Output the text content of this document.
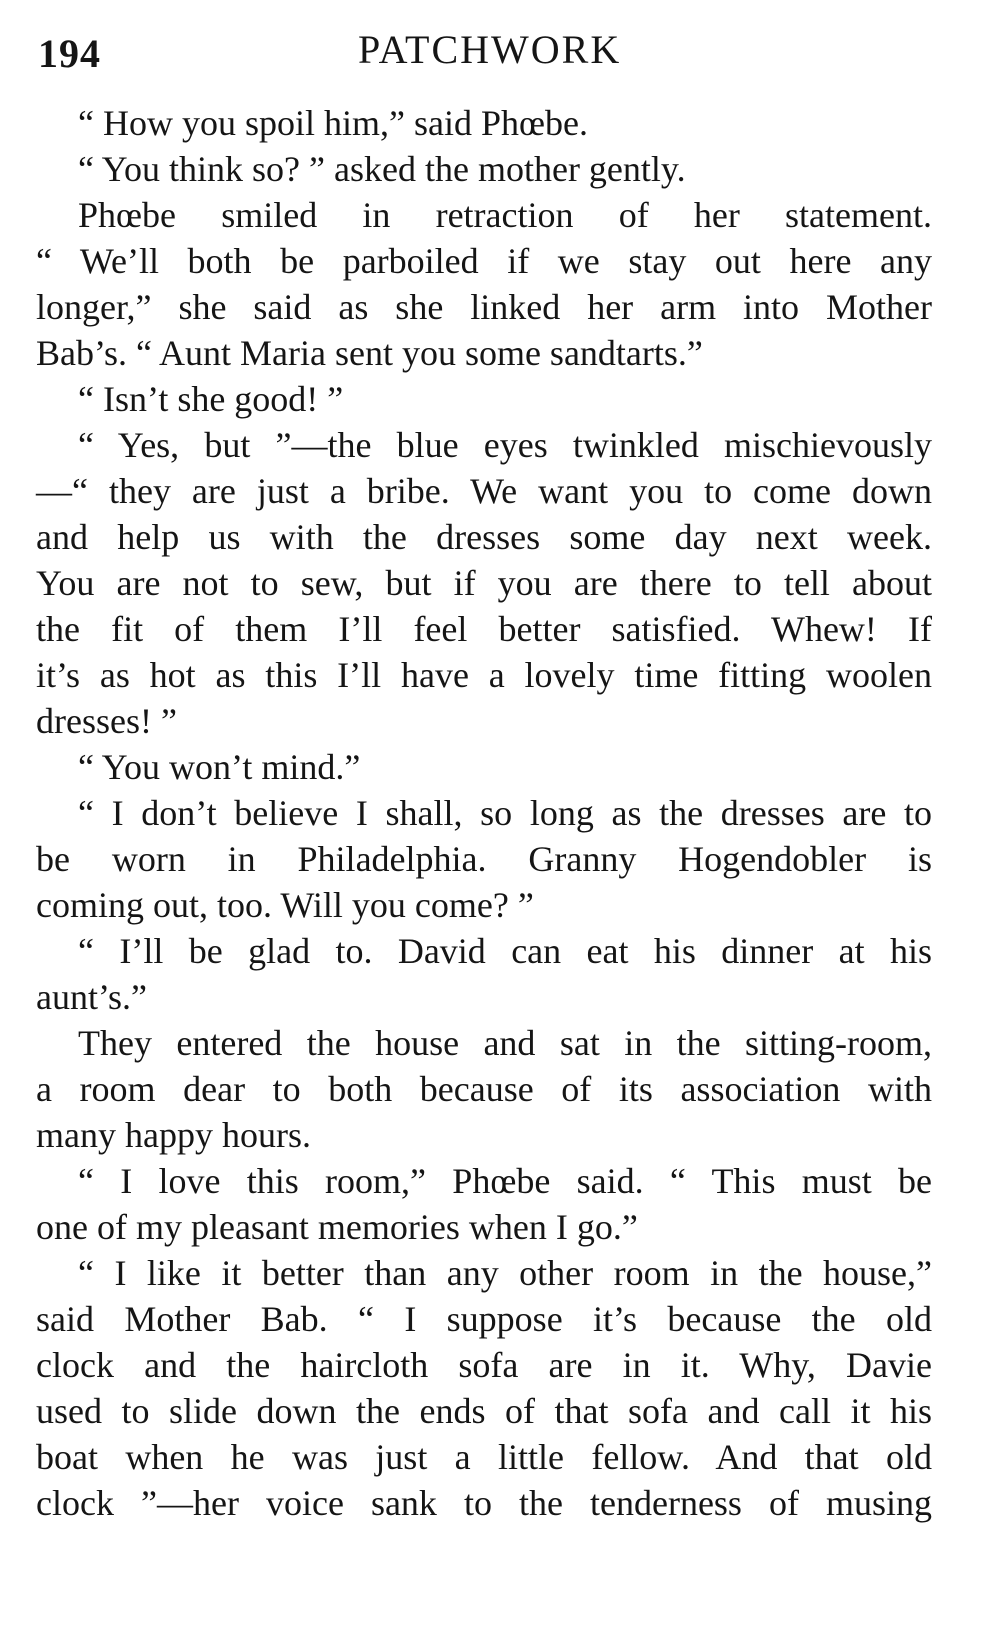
194	PATCHWORK
“ How you spoil him,” said Phœbe.
“ You think so? ” asked the mother gently.
Phœbe smiled in retraction of her statement.
“ We’ll both be parboiled if we stay out here any
longer,” she said as she linked her arm into Mother
Bab’s. “ Aunt Maria sent you some sandtarts.”
“ Isn’t she good! ”
“ Yes, but ”—the blue eyes twinkled mischievously
—“ they are just a bribe. We want you to come down
and help us with the dresses some day next week.
You are not to sew, but if you are there to tell about
the fit of them I’ll feel better satisfied. Whew! If
it’s as hot as this I’ll have a lovely time fitting woolen
dresses! ”
“ You won’t mind.”
“ I don’t believe I shall, so long as the dresses are to
be worn in Philadelphia. Granny Hogendobler is
coming out, too. Will you come? ”
“ I’ll be glad to. David can eat his dinner at his
aunt’s.”
They entered the house and sat in the sitting-room,
a room dear to both because of its association with
many happy hours.
“ I love this room,” Phœbe said. “ This must be
one of my pleasant memories when I go.”
“ I like it better than any other room in the house,”
said Mother Bab. “ I suppose it’s because the old
clock and the haircloth sofa are in it. Why, Davie
used to slide down the ends of that sofa and call it his
boat when he was just a little fellow. And that old
clock ”—her voice sank to the tenderness of musing
